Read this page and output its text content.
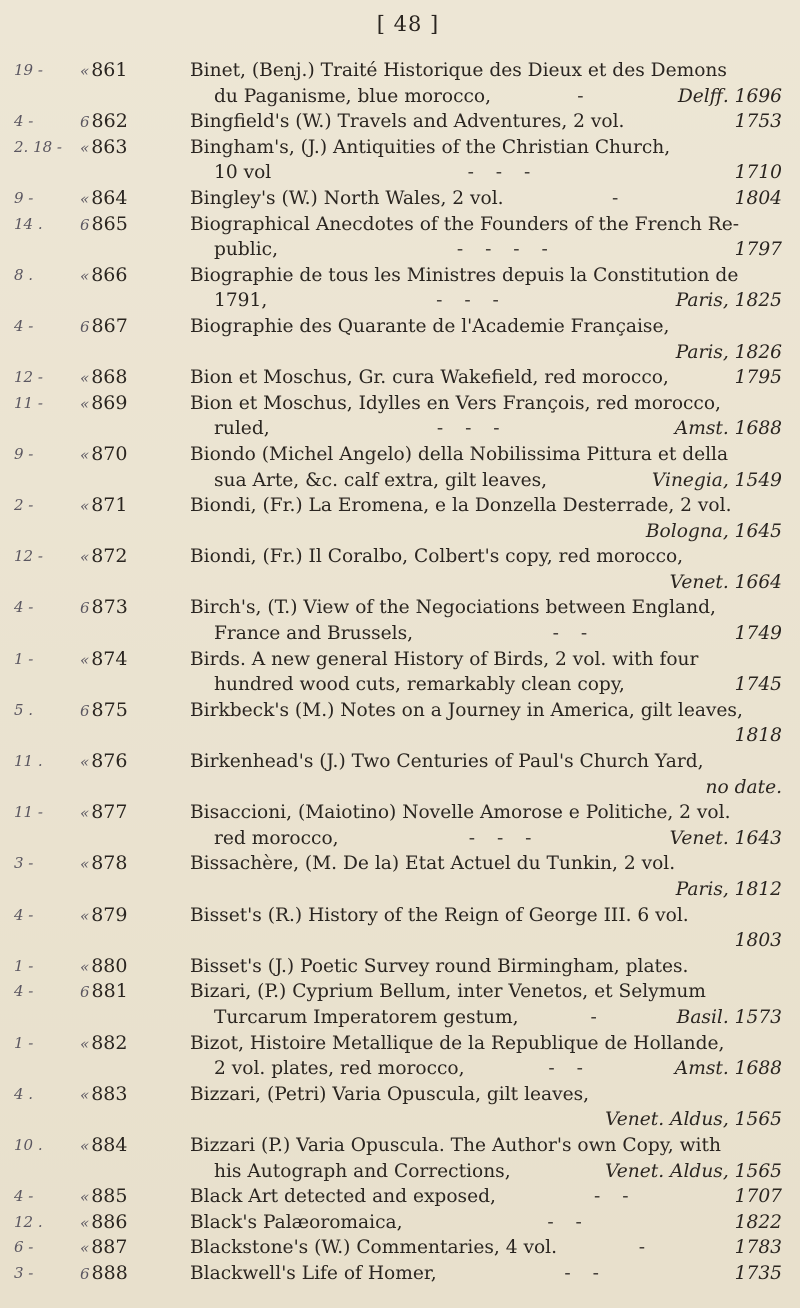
[ 48 ]
19 -	« 861	Binet, (Benj.) Traité Historique des Dieux et des Demons
du Paganisme, blue morocco,	-	Delff. 1696
4 -	6 862	Bingfield's (W.) Travels and Adventures, 2 vol.	1753
2. 18 -	« 863	Bingham's, (J.) Antiquities of the Christian Church,
10 vol	- - -	1710
9 -	« 864	Bingley's (W.) North Wales, 2 vol.	-	1804
14 .	6 865	Biographical Anecdotes of the Founders of the French Re-
public,	- - - -	1797
8 .	« 866	Biographie de tous les Ministres depuis la Constitution de
1791,	- - -	Paris, 1825
4 -	6 867	Biographie des Quarante de l'Academie Française,
Paris, 1826
12 -	« 868	Bion et Moschus, Gr. cura Wakefield, red morocco,	1795
11 -	« 869	Bion et Moschus, Idylles en Vers François, red morocco,
ruled,	- - -	Amst. 1688
9 -	« 870	Biondo (Michel Angelo) della Nobilissima Pittura et della
sua Arte, &c. calf extra, gilt leaves,	Vinegia, 1549
2 -	« 871	Biondi, (Fr.) La Eromena, e la Donzella Desterrade, 2 vol.
Bologna, 1645
12 -	« 872	Biondi, (Fr.) Il Coralbo, Colbert's copy, red morocco,
Venet. 1664
4 -	6 873	Birch's, (T.) View of the Negociations between England,
France and Brussels,	- -	1749
1 -	« 874	Birds. A new general History of Birds, 2 vol. with four
hundred wood cuts, remarkably clean copy,	1745
5 .	6 875	Birkbeck's (M.) Notes on a Journey in America, gilt leaves,
1818
11 .	« 876	Birkenhead's (J.) Two Centuries of Paul's Church Yard,
no date.
11 -	« 877	Bisaccioni, (Maiotino) Novelle Amorose e Politiche, 2 vol.
red morocco,	- - -	Venet. 1643
3 -	« 878	Bissachère, (M. De la) Etat Actuel du Tunkin, 2 vol.
Paris, 1812
4 -	« 879	Bisset's (R.) History of the Reign of George III. 6 vol.
1803
1 -	« 880	Bisset's (J.) Poetic Survey round Birmingham, plates.
4 -	6 881	Bizari, (P.) Cyprium Bellum, inter Venetos, et Selymum
Turcarum Imperatorem gestum,	-	Basil. 1573
1 -	« 882	Bizot, Histoire Metallique de la Republique de Hollande,
2 vol. plates, red morocco,	- -	Amst. 1688
4 .	« 883	Bizzari, (Petri) Varia Opuscula, gilt leaves,
Venet. Aldus, 1565
10 .	« 884	Bizzari (P.) Varia Opuscula. The Author's own Copy, with
his Autograph and Corrections,	Venet. Aldus, 1565
4 -	« 885	Black Art detected and exposed,	- -	1707
12 .	« 886	Black's Palæoromaica,	- -	1822
6 -	« 887	Blackstone's (W.) Commentaries, 4 vol.	-	1783
3 -	6 888	Blackwell's Life of Homer,	- -	1735
